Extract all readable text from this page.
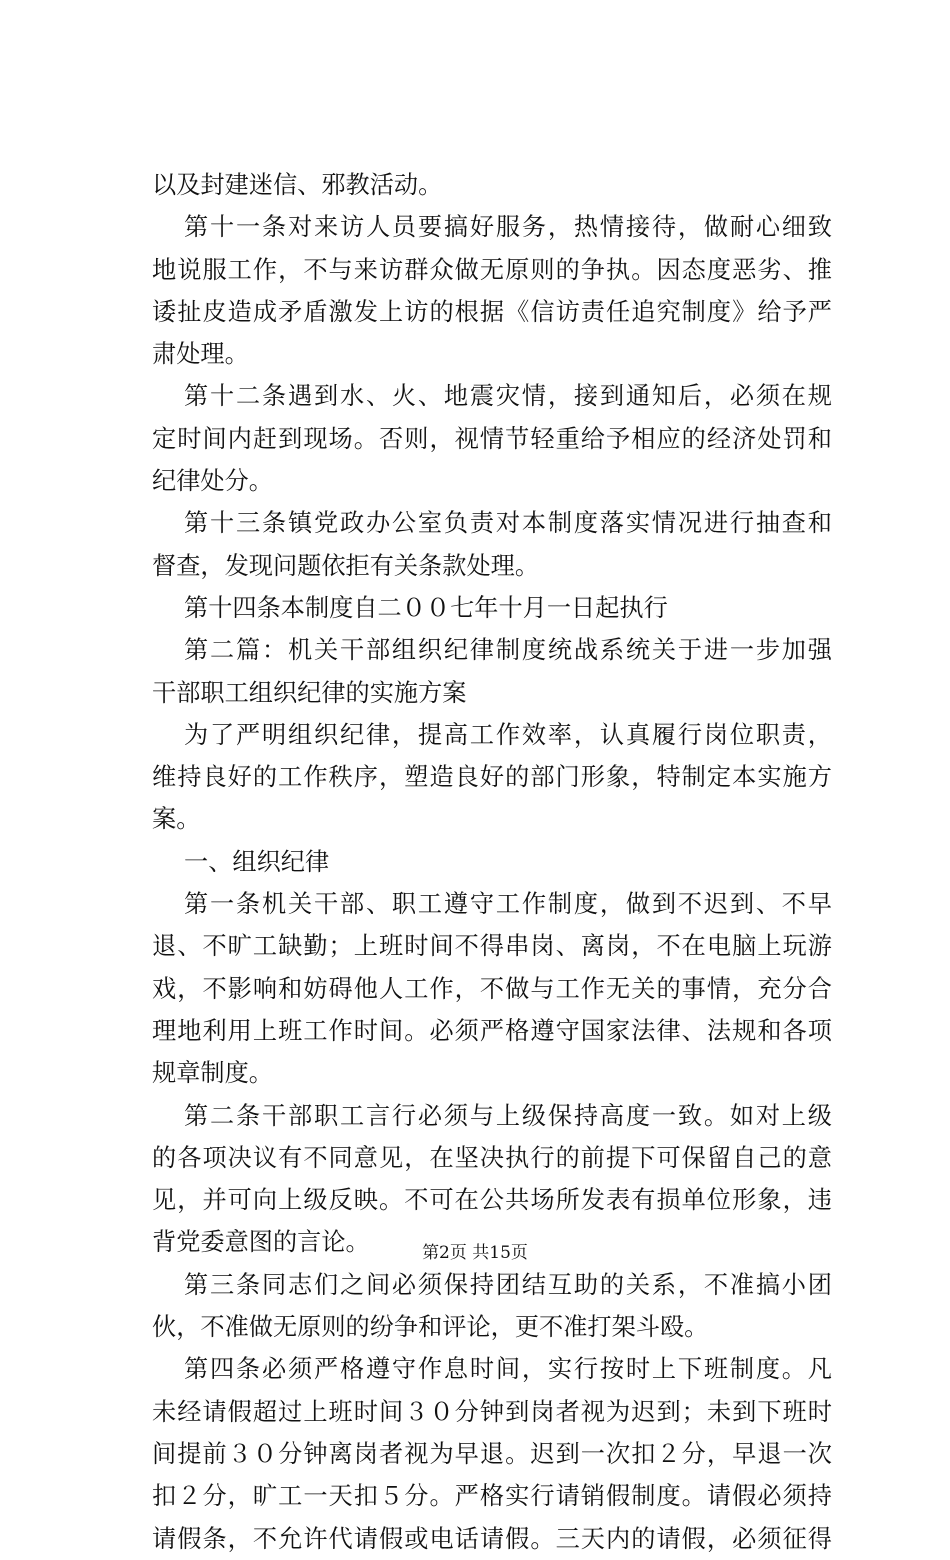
以及封建迷信、邪教活动。
第十一条对来访人员要搞好服务，热情接待，做耐心细致
地说服工作，不与来访群众做无原则的争执。因态度恶劣、推
诿扯皮造成矛盾激发上访的根据《信访责任追究制度》给予严
肃处理。
第十二条遇到水、火、地震灾情，接到通知后，必须在规
定时间内赶到现场。否则，视情节轻重给予相应的经济处罚和
纪律处分。
第十三条镇党政办公室负责对本制度落实情况进行抽查和
督查，发现问题依拒有关条款处理。
第十四条本制度自二００七年十月一日起执行
第二篇：机关干部组织纪律制度统战系统关于进一步加强
干部职工组织纪律的实施方案
为了严明组织纪律，提高工作效率，认真履行岗位职责，
维持良好的工作秩序，塑造良好的部门形象，特制定本实施方
案。
一、组织纪律
第一条机关干部、职工遵守工作制度，做到不迟到、不早
退、不旷工缺勤；上班时间不得串岗、离岗，不在电脑上玩游
戏，不影响和妨碍他人工作，不做与工作无关的事情，充分合
理地利用上班工作时间。必须严格遵守国家法律、法规和各项
规章制度。
第二条干部职工言行必须与上级保持高度一致。如对上级
的各项决议有不同意见，在坚决执行的前提下可保留自己的意
见，并可向上级反映。不可在公共场所发表有损单位形象，违
背党委意图的言论。
第三条同志们之间必须保持团结互助的关系，不准搞小团
伙，不准做无原则的纷争和评论，更不准打架斗殴。
第四条必须严格遵守作息时间，实行按时上下班制度。凡
未经请假超过上班时间３０分钟到岗者视为迟到；未到下班时
间提前３０分钟离岗者视为早退。迟到一次扣２分，早退一次
扣２分，旷工一天扣５分。严格实行请销假制度。请假必须持
请假条，不允许代请假或电话请假。三天内的请假，必须征得
第2页 共15页
